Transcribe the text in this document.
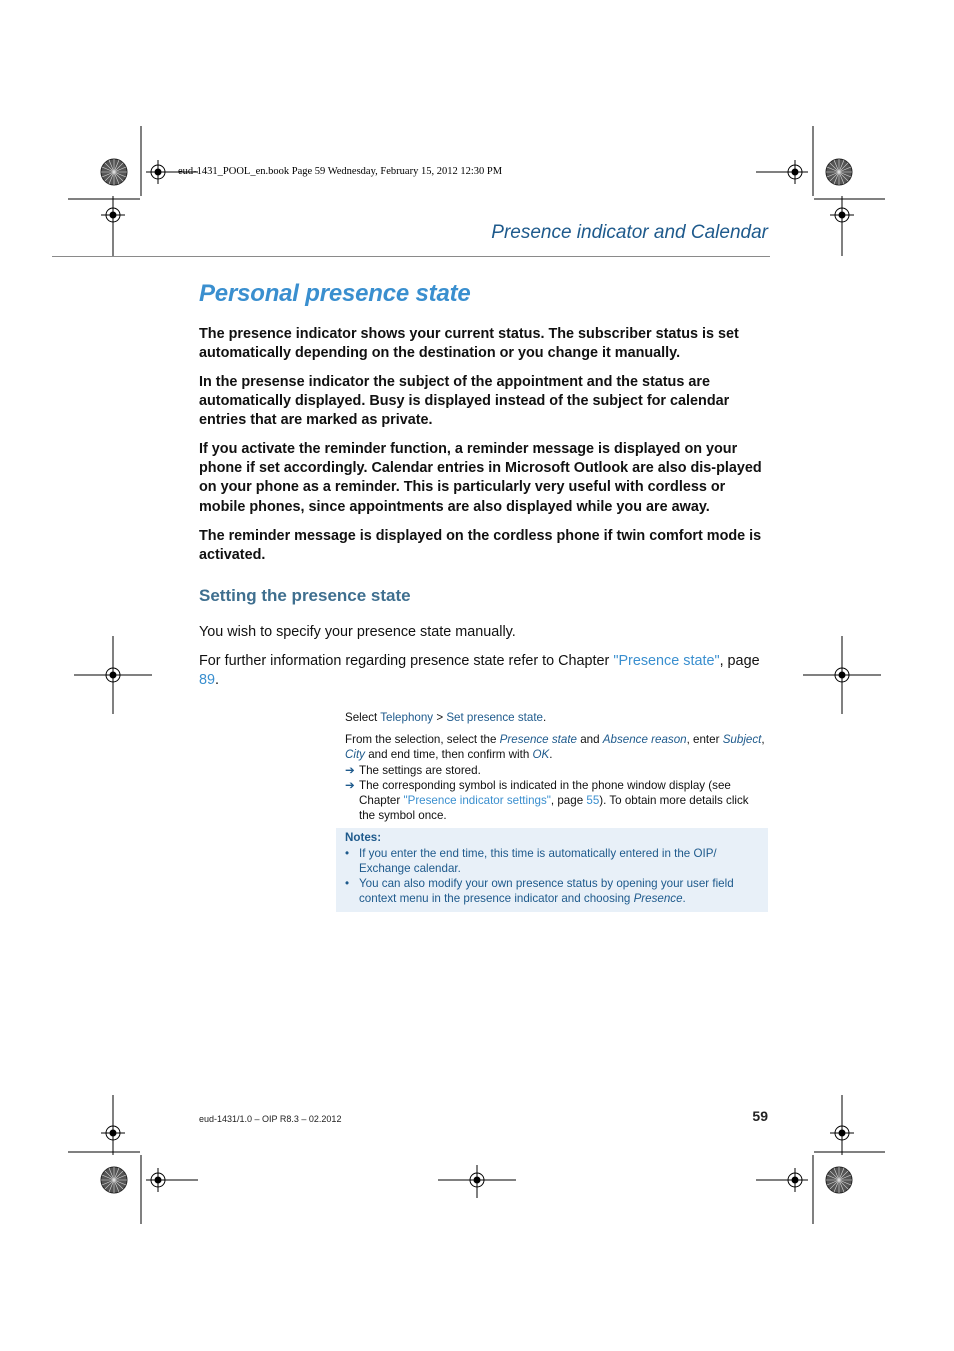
eud-1431_POOL_en.book Page 59 Wednesday, February 15, 2012 12:30 PM
Presence indicator and Calendar
Personal presence state

The presence indicator shows your current status. The subscriber status is set automatically depending on the destination or you change it manually.

In the presense indicator the subject of the appointment and the status are automatically displayed. Busy is displayed instead of the subject for calendar entries that are marked as private.

If you activate the reminder function, a reminder message is displayed on your phone if set accordingly. Calendar entries in Microsoft Outlook are also dis-played on your phone as a reminder. This is particularly very useful with cordless or mobile phones, since appointments are also displayed while you are away.

The reminder message is displayed on the cordless phone if twin comfort mode is activated.

Setting the presence state

You wish to specify your presence state manually.

For further information regarding presence state refer to Chapter "Presence state", page 89.

Select Telephony > Set presence state.

From the selection, select the Presence state and Absence reason, enter Subject, City and end time, then confirm with OK.

➔ The settings are stored.
➔ The corresponding symbol is indicated in the phone window display (see Chapter "Presence indicator settings", page 55). To obtain more details click the symbol once.
Notes:
• If you enter the end time, this time is automatically entered in the OIP/ Exchange calendar.
• You can also modify your own presence status by opening your user field context menu in the presence indicator and choosing Presence.
eud-1431/1.0 – OIP R8.3 – 02.2012	59
